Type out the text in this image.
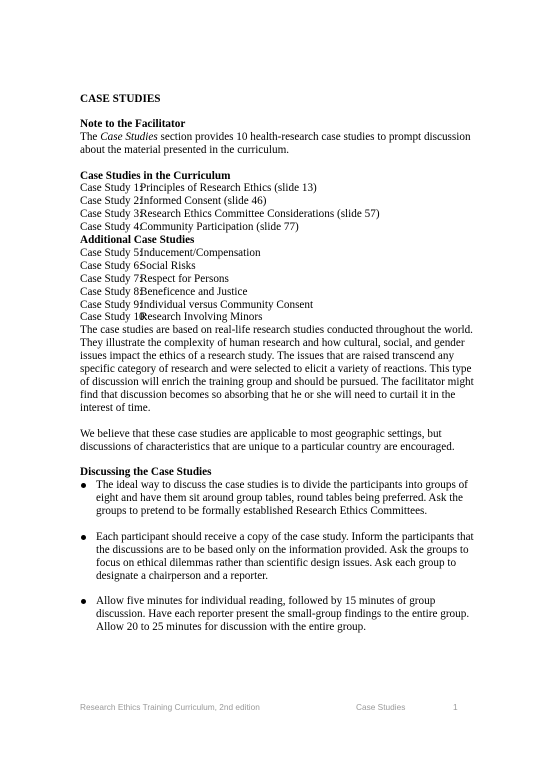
CASE STUDIES
Note to the Facilitator

The Case Studies section provides 10 health-research case studies to prompt discussion about the material presented in the curriculum.

Case Studies in the Curriculum
Case Study 1:
Principles of Research Ethics (slide 13)
Case Study 2:
Informed Consent (slide 46)
Case Study 3:
Research Ethics Committee Considerations (slide 57)
Case Study 4:
Community Participation (slide 77)
Additional Case Studies
Case Study 5:
Inducement/Compensation
Case Study 6:
Social Risks
Case Study 7:
Respect for Persons
Case Study 8:
Beneficence and Justice
Case Study 9:
Individual versus Community Consent
Case Study 10:
Research Involving Minors

The case studies are based on real-life research studies conducted throughout the world. They illustrate the complexity of human research and how cultural, social, and gender issues impact the ethics of a research study. The issues that are raised transcend any specific category of research and were selected to elicit a variety of reactions. This type of discussion will enrich the training group and should be pursued. The facilitator might find that discussion becomes so absorbing that he or she will need to curtail it in the interest of time.

We believe that these case studies are applicable to most geographic settings, but discussions of characteristics that are unique to a particular country are encouraged.

Discussing the Case Studies
The ideal way to discuss the case studies is to divide the participants into groups of eight and have them sit around group tables, round tables being preferred. Ask the groups to pretend to be formally established Research Ethics Committees.
Each participant should receive a copy of the case study. Inform the participants that the discussions are to be based only on the information provided. Ask the groups to focus on ethical dilemmas rather than scientific design issues. Ask each group to designate a chairperson and a reporter.
Allow five minutes for individual reading, followed by 15 minutes of group discussion. Have each reporter present the small-group findings to the entire group. Allow 20 to 25 minutes for discussion with the entire group.
Research Ethics Training Curriculum, 2nd edition	Case Studies	1
